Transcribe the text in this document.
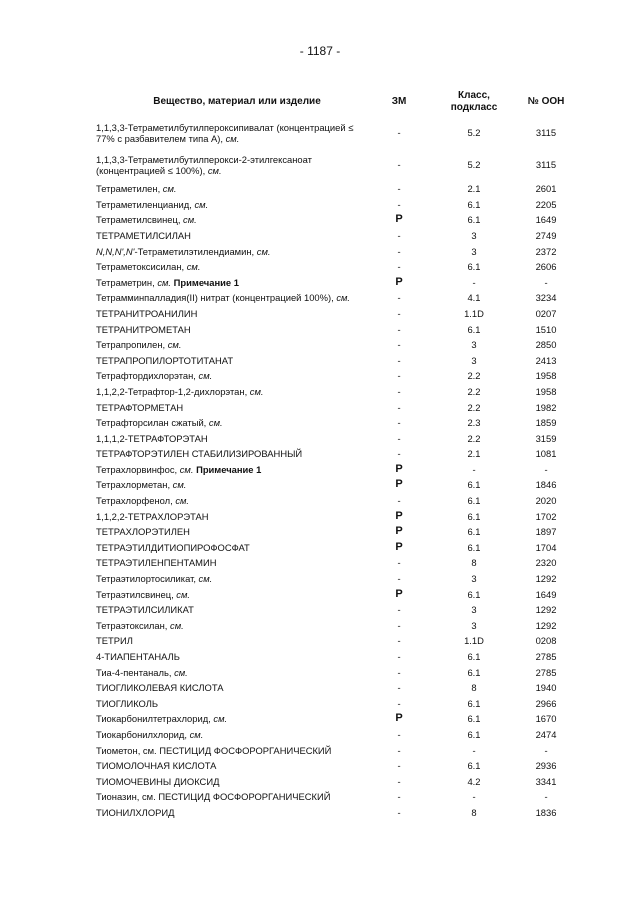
- 1187 -
Вещество, материал или изделие	ЗМ	Класс, подкласс	№ ООН
1,1,3,3-Тетраметилбутилпероксипивалат (концентрацией ≤ 77% с разбавителем типа А), см.	-	5.2	3115
1,1,3,3-Тетраметилбутилперокси-2-этилгексаноат (концентрацией ≤ 100%), см.	-	5.2	3115
Тетраметилен, см.	-	2.1	2601
Тетраметиленцианид, см.	-	6.1	2205
Тетраметилсвинец, см.	P	6.1	1649
ТЕТРАМЕТИЛСИЛАН	-	3	2749
N,N,N',N'-Тетраметилэтилендиамин, см.	-	3	2372
Тетраметоксисилан, см.	-	6.1	2606
Тетраметрин, см. Примечание 1	P	-	-
Тетрамминпалладия(II) нитрат (концентрацией 100%), см.	-	4.1	3234
ТЕТРАНИТРОАНИЛИН	-	1.1D	0207
ТЕТРАНИТРОМЕТАН	-	6.1	1510
Тетрапропилен, см.	-	3	2850
ТЕТРАПРОПИЛОРТОТИТАНАТ	-	3	2413
Тетрафтордихлорэтан, см.	-	2.2	1958
1,1,2,2-Тетрафтор-1,2-дихлорэтан, см.	-	2.2	1958
ТЕТРАФТОРМЕТАН	-	2.2	1982
Тетрафторсилан сжатый, см.	-	2.3	1859
1,1,1,2-ТЕТРАФТОРЭТАН	-	2.2	3159
ТЕТРАФТОРЭТИЛЕН СТАБИЛИЗИРОВАННЫЙ	-	2.1	1081
Тетрахлорвинфос, см. Примечание 1	P	-	-
Тетрахлорметан, см.	P	6.1	1846
Тетрахлорфенол, см.	-	6.1	2020
1,1,2,2-ТЕТРАХЛОРЭТАН	P	6.1	1702
ТЕТРАХЛОРЭТИЛЕН	P	6.1	1897
ТЕТРАЭТИЛДИТИОПИРОФОСФАТ	P	6.1	1704
ТЕТРАЭТИЛЕНПЕНТАМИН	-	8	2320
Тетраэтилортосиликат, см.	-	3	1292
Тетраэтилсвинец, см.	P	6.1	1649
ТЕТРАЭТИЛСИЛИКАТ	-	3	1292
Тетраэтоксилан, см.	-	3	1292
ТЕТРИЛ	-	1.1D	0208
4-ТИАПЕНТАНАЛЬ	-	6.1	2785
Тиа-4-пентаналь, см.	-	6.1	2785
ТИОГЛИКОЛЕВАЯ КИСЛОТА	-	8	1940
ТИОГЛИКОЛЬ	-	6.1	2966
Тиокарбонилтетрахлорид, см.	P	6.1	1670
Тиокарбонилхлорид, см.	-	6.1	2474
Тиометон, см. ПЕСТИЦИД ФОСФОРОРГАНИЧЕСКИЙ	-	-	-
ТИОМОЛОЧНАЯ КИСЛОТА	-	6.1	2936
ТИОМОЧЕВИНЫ ДИОКСИД	-	4.2	3341
Тионазин, см. ПЕСТИЦИД ФОСФОРОРГАНИЧЕСКИЙ	-	-	-
ТИОНИЛХЛОРИД	-	8	1836
